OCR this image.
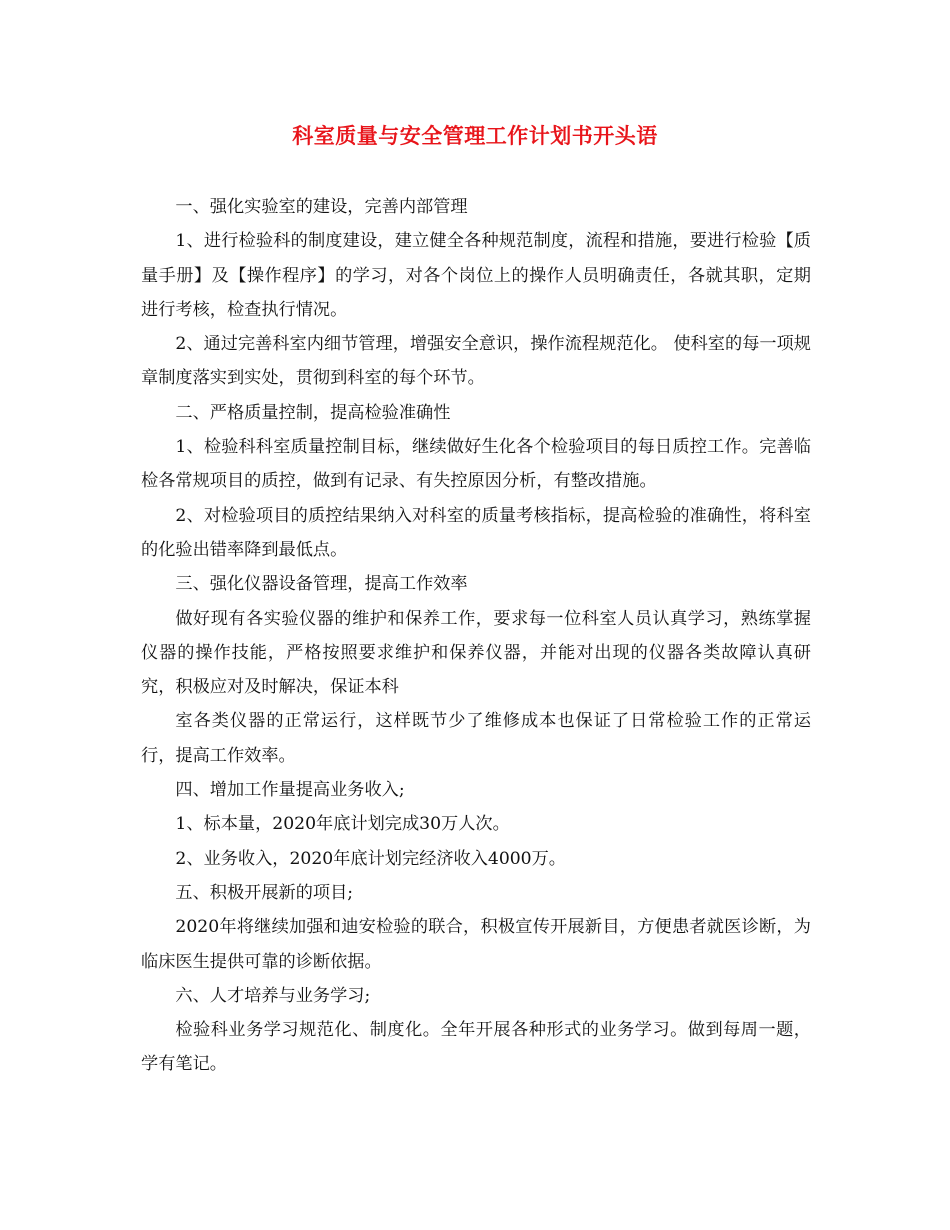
科室质量与安全管理工作计划书开头语

一、强化实验室的建设，完善内部管理

1、进行检验科的制度建设，建立健全各种规范制度，流程和措施，要进行检验【质量手册】及【操作程序】的学习，对各个岗位上的操作人员明确责任，各就其职，定期进行考核，检查执行情况。

2、通过完善科室内细节管理，增强安全意识，操作流程规范化。 使科室的每一项规章制度落实到实处，贯彻到科室的每个环节。

二、严格质量控制，提高检验准确性

1、检验科科室质量控制目标，继续做好生化各个检验项目的每日质控工作。完善临检各常规项目的质控，做到有记录、有失控原因分析，有整改措施。

2、对检验项目的质控结果纳入对科室的质量考核指标，提高检验的准确性，将科室的化验出错率降到最低点。

三、强化仪器设备管理，提高工作效率

做好现有各实验仪器的维护和保养工作，要求每一位科室人员认真学习，熟练掌握仪器的操作技能，严格按照要求维护和保养仪器，并能对出现的仪器各类故障认真研究，积极应对及时解决，保证本科

室各类仪器的正常运行，这样既节少了维修成本也保证了日常检验工作的正常运行，提高工作效率。

四、增加工作量提高业务收入;

1、标本量，2020年底计划完成30万人次。

2、业务收入，2020年底计划完经济收入4000万。

五、积极开展新的项目;

2020年将继续加强和迪安检验的联合，积极宣传开展新目，方便患者就医诊断，为临床医生提供可靠的诊断依据。

六、人才培养与业务学习;

检验科业务学习规范化、制度化。全年开展各种形式的业务学习。做到每周一题，学有笔记。
